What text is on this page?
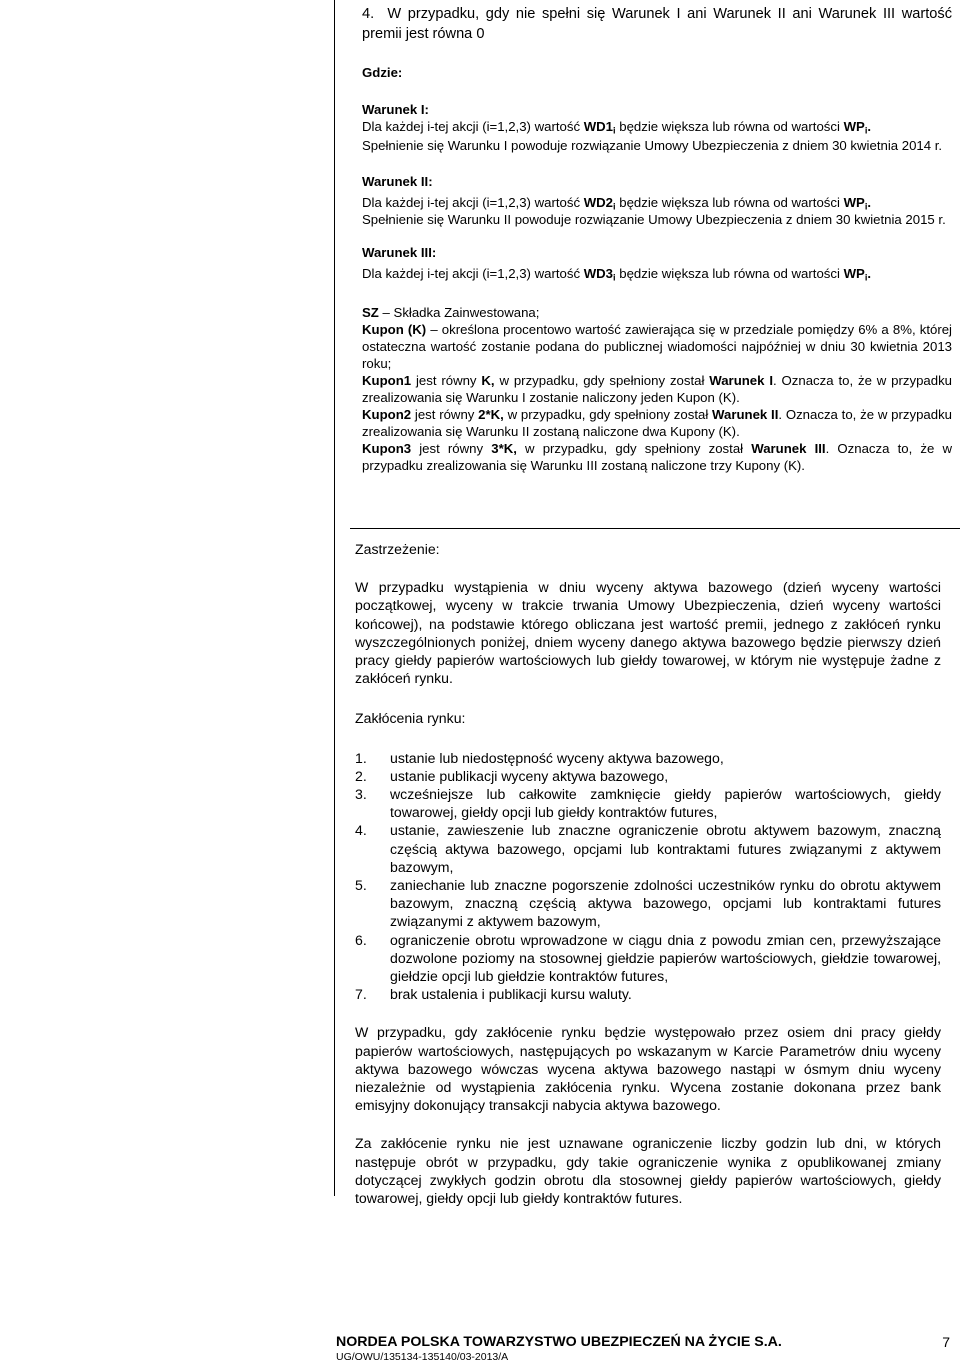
4. W przypadku, gdy nie spełni się Warunek I ani Warunek II ani Warunek III wartość premii jest równa 0

Gdzie:

Warunek I:

Dla każdej i-tej akcji (i=1,2,3) wartość $WD1_i$ będzie większa lub równa od wartości $WP_i$.

Spełnienie się Warunku I powoduje rozwiązanie Umowy Ubezpieczenia z dniem 30 kwietnia 2014 r.

Warunek II:

Dla każdej i-tej akcji (i=1,2,3) wartość $WD2_i$ będzie większa lub równa od wartości $WP_i$.

Spełnienie się Warunku II powoduje rozwiązanie Umowy Ubezpieczenia z dniem 30 kwietnia 2015 r.

Warunek III:

Dla każdej i-tej akcji (i=1,2,3) wartość $WD3_i$ będzie większa lub równa od wartości $WP_i$.

SZ – Składka Zainwestowana;

Kupon (K) – określona procentowo wartość zawierająca się w przedziale pomiędzy 6% a 8%, której ostateczna wartość zostanie podana do publicznej wiadomości najpóźniej w dniu 30 kwietnia 2013 roku;

Kupon1 jest równy K, w przypadku, gdy spełniony został Warunek I. Oznacza to, że w przypadku zrealizowania się Warunku I zostanie naliczony jeden Kupon (K).

Kupon2 jest równy 2*K, w przypadku, gdy spełniony został Warunek II. Oznacza to, że w przypadku zrealizowania się Warunku II zostaną naliczone dwa Kupony (K).

Kupon3 jest równy 3*K, w przypadku, gdy spełniony został Warunek III. Oznacza to, że w przypadku zrealizowania się Warunku III zostaną naliczone trzy Kupony (K).

Zastrzeżenie:

W przypadku wystąpienia w dniu wyceny aktywa bazowego (dzień wyceny wartości początkowej, wyceny w trakcie trwania Umowy Ubezpieczenia, dzień wyceny wartości końcowej), na podstawie którego obliczana jest wartość premii, jednego z zakłóceń rynku wyszczególnionych poniżej, dniem wyceny danego aktywa bazowego będzie pierwszy dzień pracy giełdy papierów wartościowych lub giełdy towarowej, w którym nie występuje żadne z zakłóceń rynku.

Zakłócenia rynku:

1.	ustanie lub niedostępność wyceny aktywa bazowego,
2.	ustanie publikacji wyceny aktywa bazowego,
3.	wcześniejsze lub całkowite zamknięcie giełdy papierów wartościowych, giełdy towarowej, giełdy opcji lub giełdy kontraktów futures,
4.	ustanie, zawieszenie lub znaczne ograniczenie obrotu aktywem bazowym, znaczną częścią aktywa bazowego, opcjami lub kontraktami futures związanymi z aktywem bazowym,
5.	zaniechanie lub znaczne pogorszenie zdolności uczestników rynku do obrotu aktywem bazowym, znaczną częścią aktywa bazowego, opcjami lub kontraktami futures związanymi z aktywem bazowym,
6.	ograniczenie obrotu wprowadzone w ciągu dnia z powodu zmian cen, przewyższające dozwolone poziomy na stosownej giełdzie papierów wartościowych, giełdzie towarowej, giełdzie opcji lub giełdzie kontraktów futures,
7.	brak ustalenia i publikacji kursu waluty.

W przypadku, gdy zakłócenie rynku będzie występowało przez osiem dni pracy giełdy papierów wartościowych, następujących po wskazanym w Karcie Parametrów dniu wyceny aktywa bazowego wówczas wycena aktywa bazowego nastąpi w ósmym dniu wyceny niezależnie od wystąpienia zakłócenia rynku. Wycena zostanie dokonana przez bank emisyjny dokonujący transakcji nabycia aktywa bazowego.

Za zakłócenie rynku nie jest uznawane ograniczenie liczby godzin lub dni, w których następuje obrót w przypadku, gdy takie ograniczenie wynika z opublikowanej zmiany dotyczącej zwykłych godzin obrotu dla stosownej giełdy papierów wartościowych, giełdy towarowej, giełdy opcji lub giełdy kontraktów futures.

NORDEA POLSKA TOWARZYSTWO UBEZPIECZEŃ NA ŻYCIE S.A.	7
UG/OWU/135134-135140/03-2013/A
